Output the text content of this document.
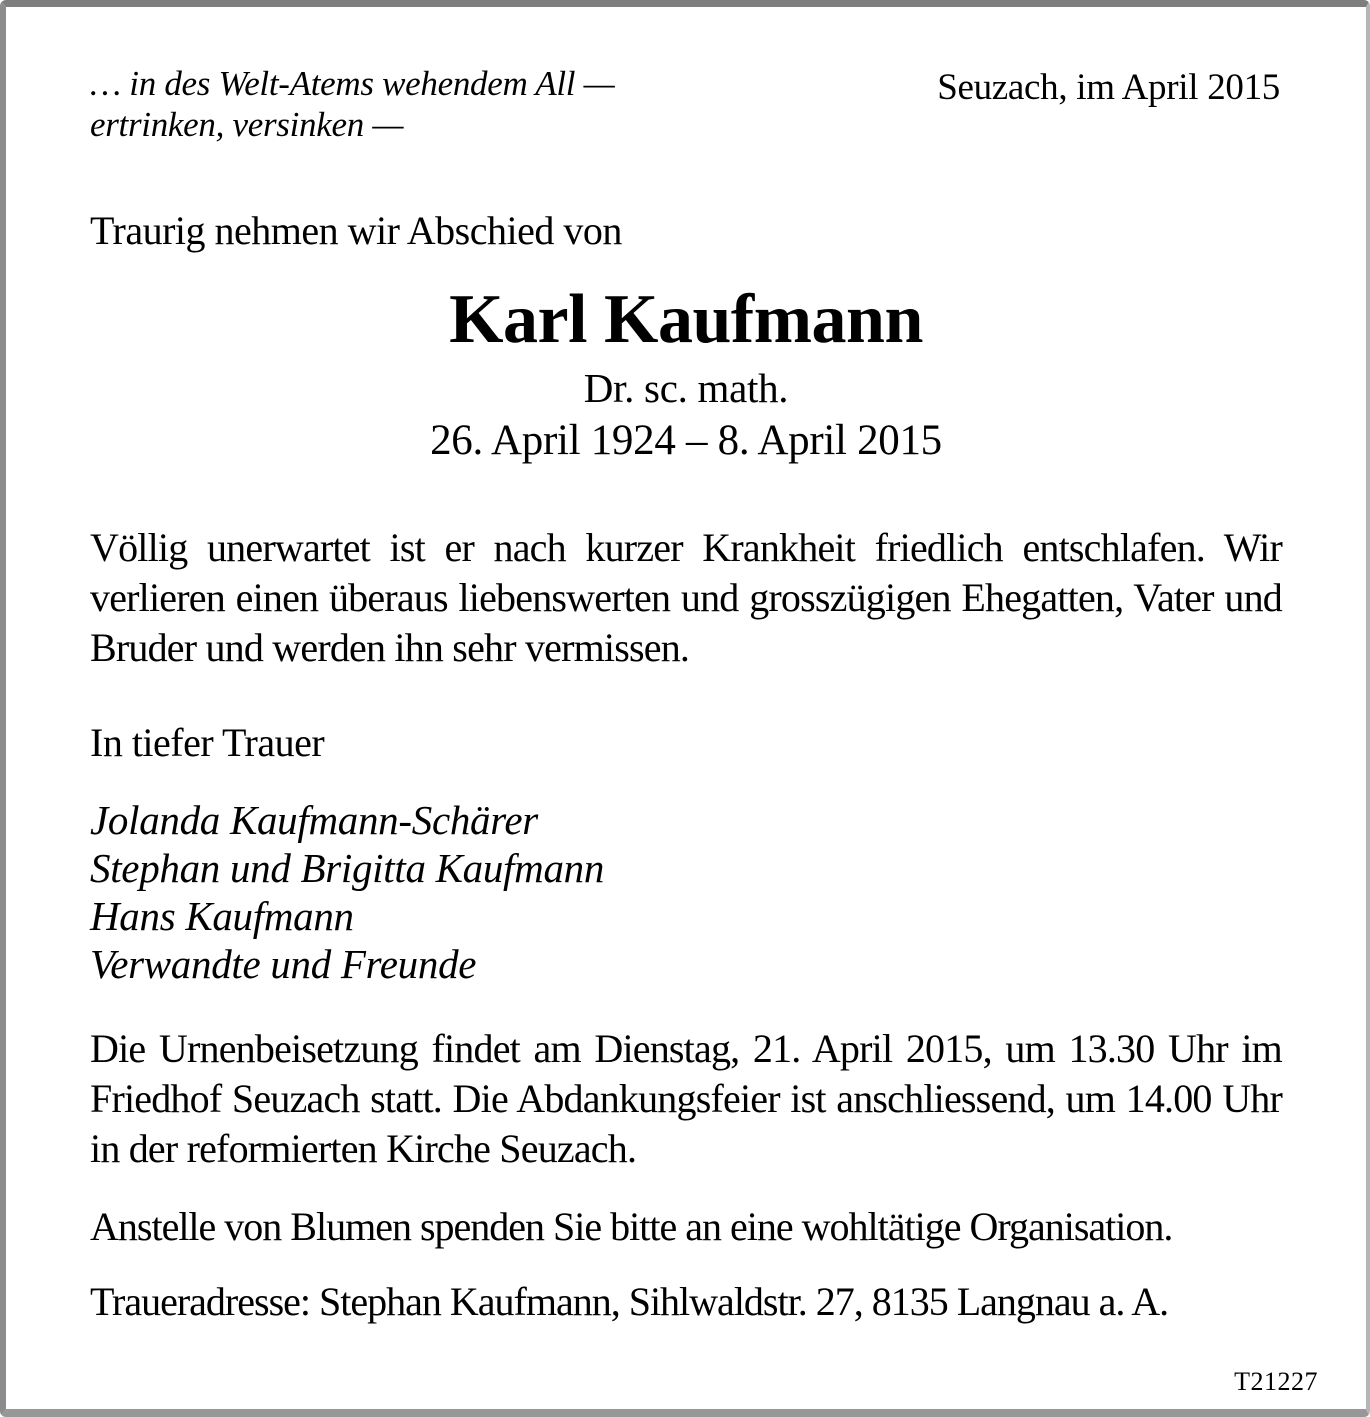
… in des Welt-Atems wehendem All —
ertrinken, versinken —
Seuzach, im April 2015
Traurig nehmen wir Abschied von
Karl Kaufmann
Dr. sc. math.
26. April 1924 – 8. April 2015
Völlig unerwartet ist er nach kurzer Krankheit friedlich entschlafen. Wir verlieren einen überaus liebenswerten und grosszügigen Ehegatten, Vater und Bruder und werden ihn sehr vermissen.
In tiefer Trauer
Jolanda Kaufmann-Schärer
Stephan und Brigitta Kaufmann
Hans Kaufmann
Verwandte und Freunde
Die Urnenbeisetzung findet am Dienstag, 21. April 2015, um 13.30 Uhr im Friedhof Seuzach statt. Die Abdankungsfeier ist anschliessend, um 14.00 Uhr in der reformierten Kirche Seuzach.
Anstelle von Blumen spenden Sie bitte an eine wohltätige Organisation.
Traueradresse: Stephan Kaufmann, Sihlwaldstr. 27, 8135 Langnau a. A.
T21227
